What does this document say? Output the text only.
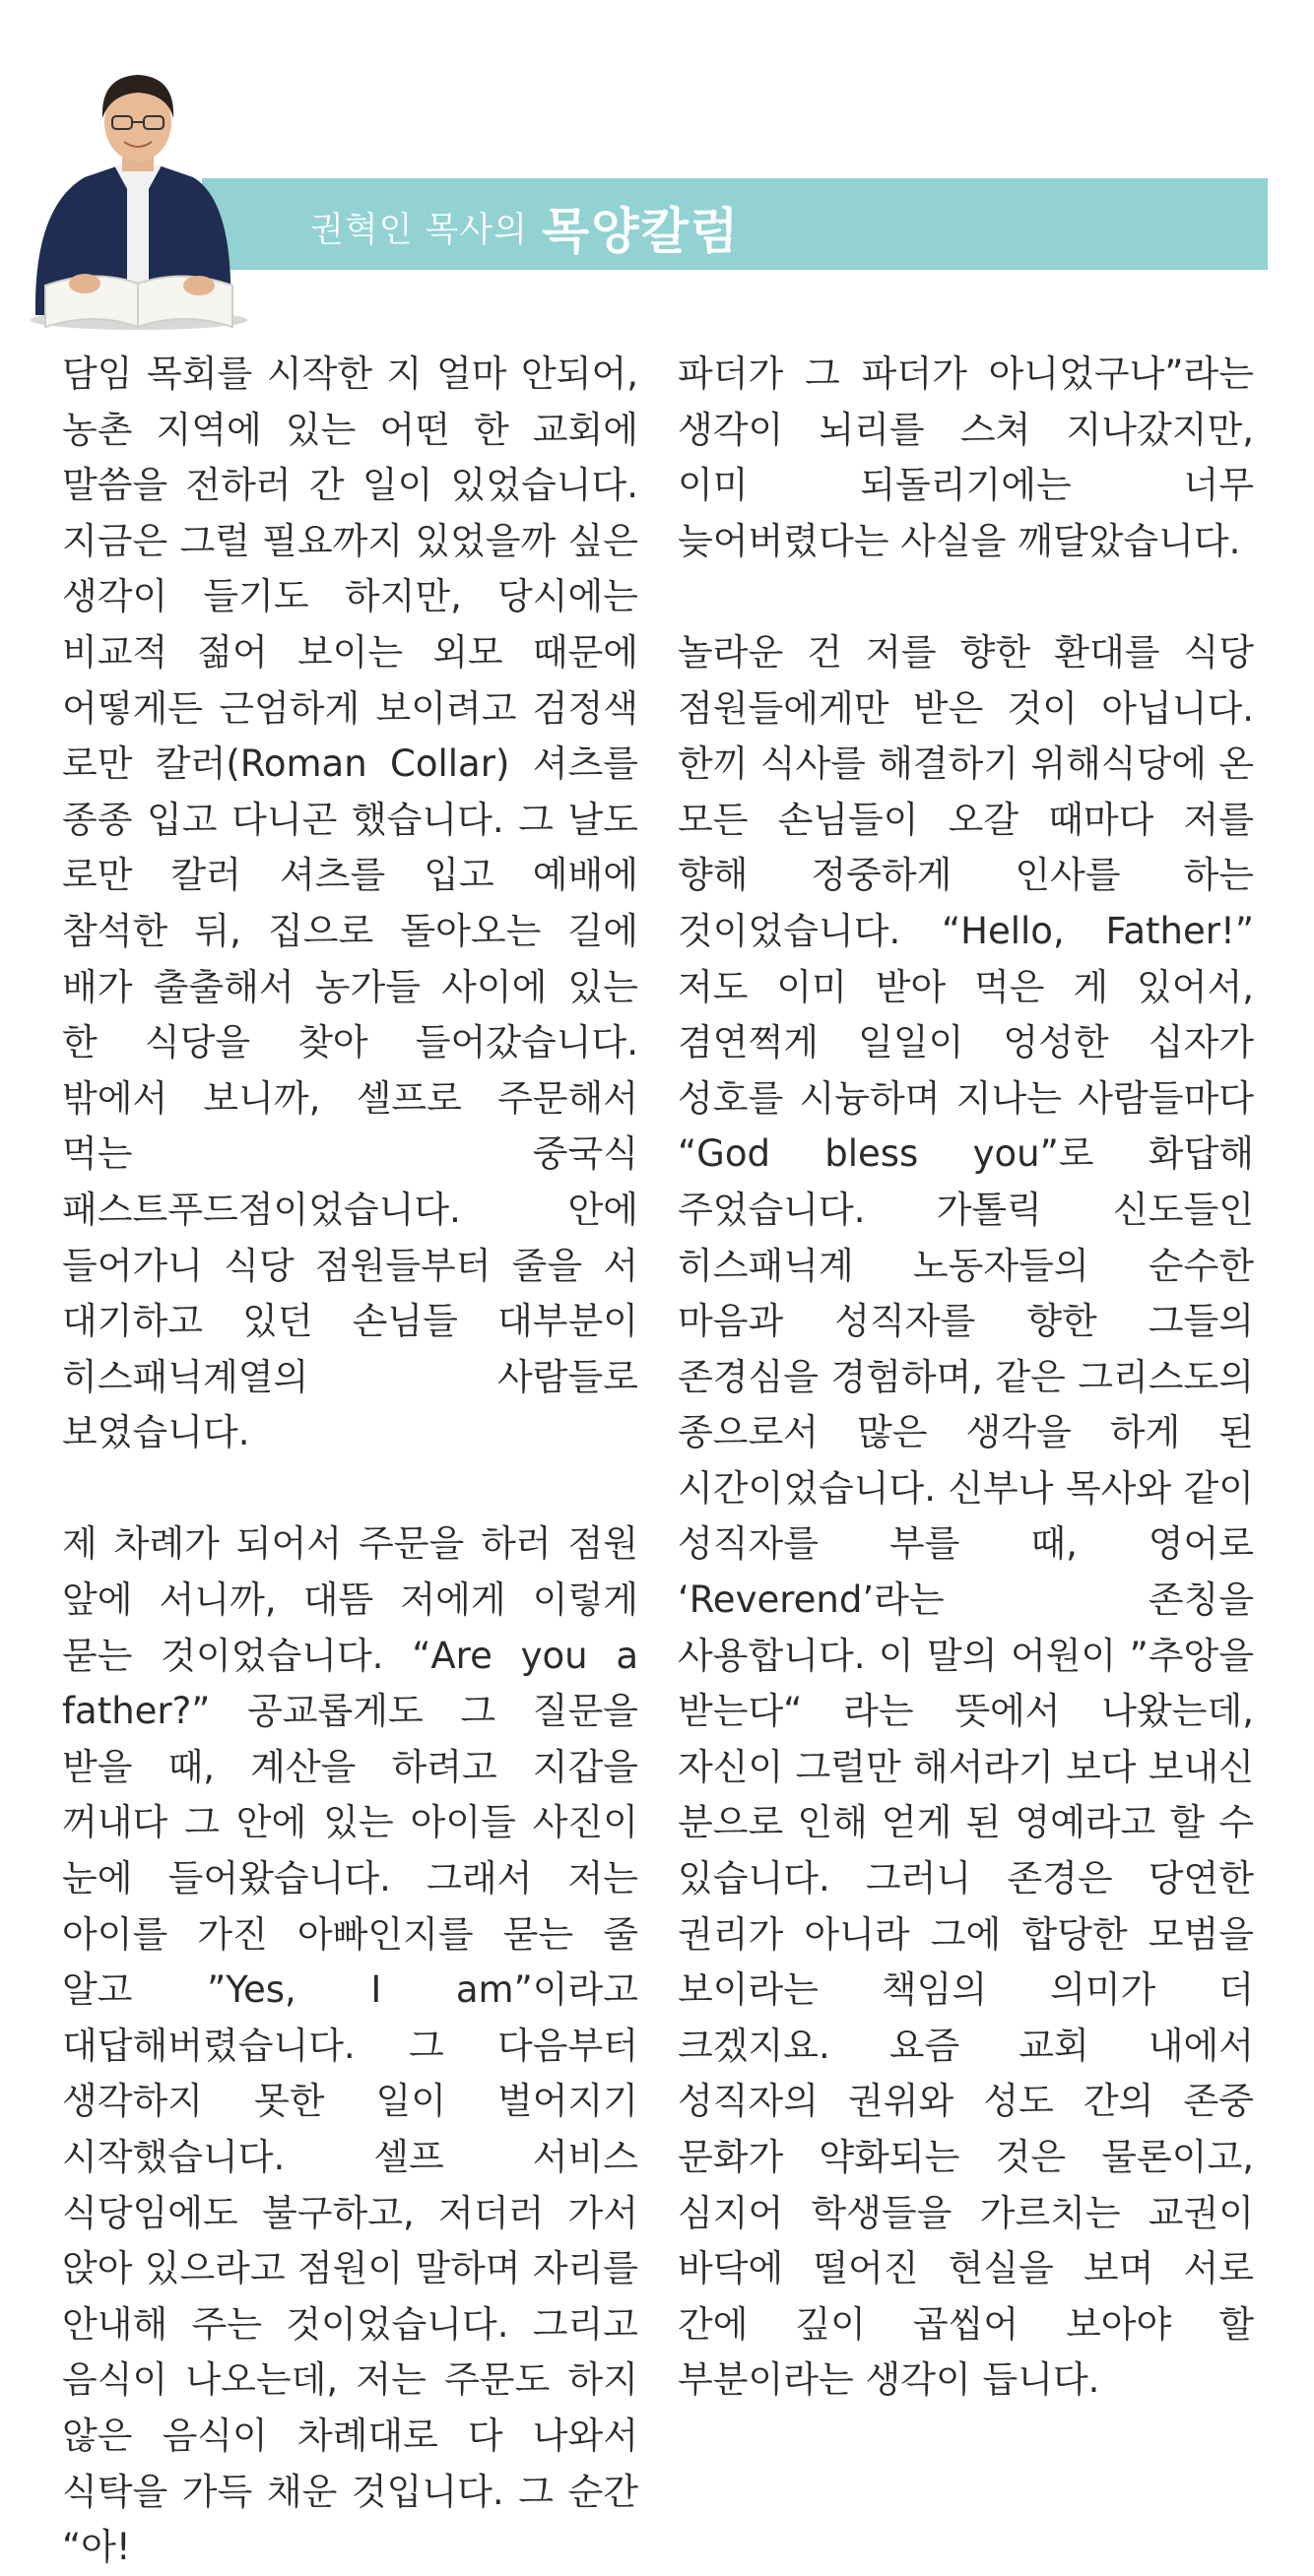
권혁인 목사의 목양칼럼

담임 목회를 시작한 지 얼마 안되어, 농촌 지역에 있는 어떤 한 교회에 말씀을 전하러 간 일이 있었습니다. 지금은 그럴 필요까지 있었을까 싶은 생각이 들기도 하지만, 당시에는 비교적 젊어 보이는 외모 때문에 어떻게든 근엄하게 보이려고 검정색 로만 칼러(Roman Collar) 셔츠를 종종 입고 다니곤 했습니다. 그 날도 로만 칼러 셔츠를 입고 예배에 참석한 뒤, 집으로 돌아오는 길에 배가 출출해서 농가들 사이에 있는 한 식당을 찾아 들어갔습니다. 밖에서 보니까, 셀프로 주문해서 먹는 중국식 패스트푸드점이었습니다. 안에 들어가니 식당 점원들부터 줄을 서 대기하고 있던 손님들 대부분이 히스패닉계열의 사람들로 보였습니다.

제 차례가 되어서 주문을 하러 점원 앞에 서니까, 대뜸 저에게 이렇게 묻는 것이었습니다. “Are you a father?” 공교롭게도 그 질문을 받을 때, 계산을 하려고 지갑을 꺼내다 그 안에 있는 아이들 사진이 눈에 들어왔습니다. 그래서 저는 아이를 가진 아빠인지를 묻는 줄 알고 ”Yes, I am”이라고 대답해버렸습니다. 그 다음부터 생각하지 못한 일이 벌어지기 시작했습니다. 셀프 서비스 식당임에도 불구하고, 저더러 가서 앉아 있으라고 점원이 말하며 자리를 안내해 주는 것이었습니다. 그리고 음식이 나오는데, 저는 주문도 하지 않은 음식이 차례대로 다 나와서 식탁을 가득 채운 것입니다. 그 순간 “아!

파더가 그 파더가 아니었구나”라는 생각이 뇌리를 스쳐 지나갔지만, 이미 되돌리기에는 너무 늦어버렸다는 사실을 깨달았습니다.

놀라운 건 저를 향한 환대를 식당 점원들에게만 받은 것이 아닙니다. 한끼 식사를 해결하기 위해식당에 온 모든 손님들이 오갈 때마다 저를 향해 정중하게 인사를 하는 것이었습니다. “Hello, Father!” 저도 이미 받아 먹은 게 있어서, 겸연쩍게 일일이 엉성한 십자가 성호를 시늉하며 지나는 사람들마다 “God bless you”로 화답해 주었습니다. 가톨릭 신도들인 히스패닉계 노동자들의 순수한 마음과 성직자를 향한 그들의 존경심을 경험하며, 같은 그리스도의 종으로서 많은 생각을 하게 된 시간이었습니다. 신부나 목사와 같이 성직자를 부를 때, 영어로 ‘Reverend’라는 존칭을 사용합니다. 이 말의 어원이 ”추앙을 받는다“ 라는 뜻에서 나왔는데, 자신이 그럴만 해서라기 보다 보내신 분으로 인해 얻게 된 영예라고 할 수 있습니다. 그러니 존경은 당연한 권리가 아니라 그에 합당한 모범을 보이라는 책임의 의미가 더 크겠지요. 요즘 교회 내에서 성직자의 권위와 성도 간의 존중 문화가 약화되는 것은 물론이고, 심지어 학생들을 가르치는 교권이 바닥에 떨어진 현실을 보며 서로 간에 깊이 곱씹어 보아야 할 부분이라는 생각이 듭니다.
